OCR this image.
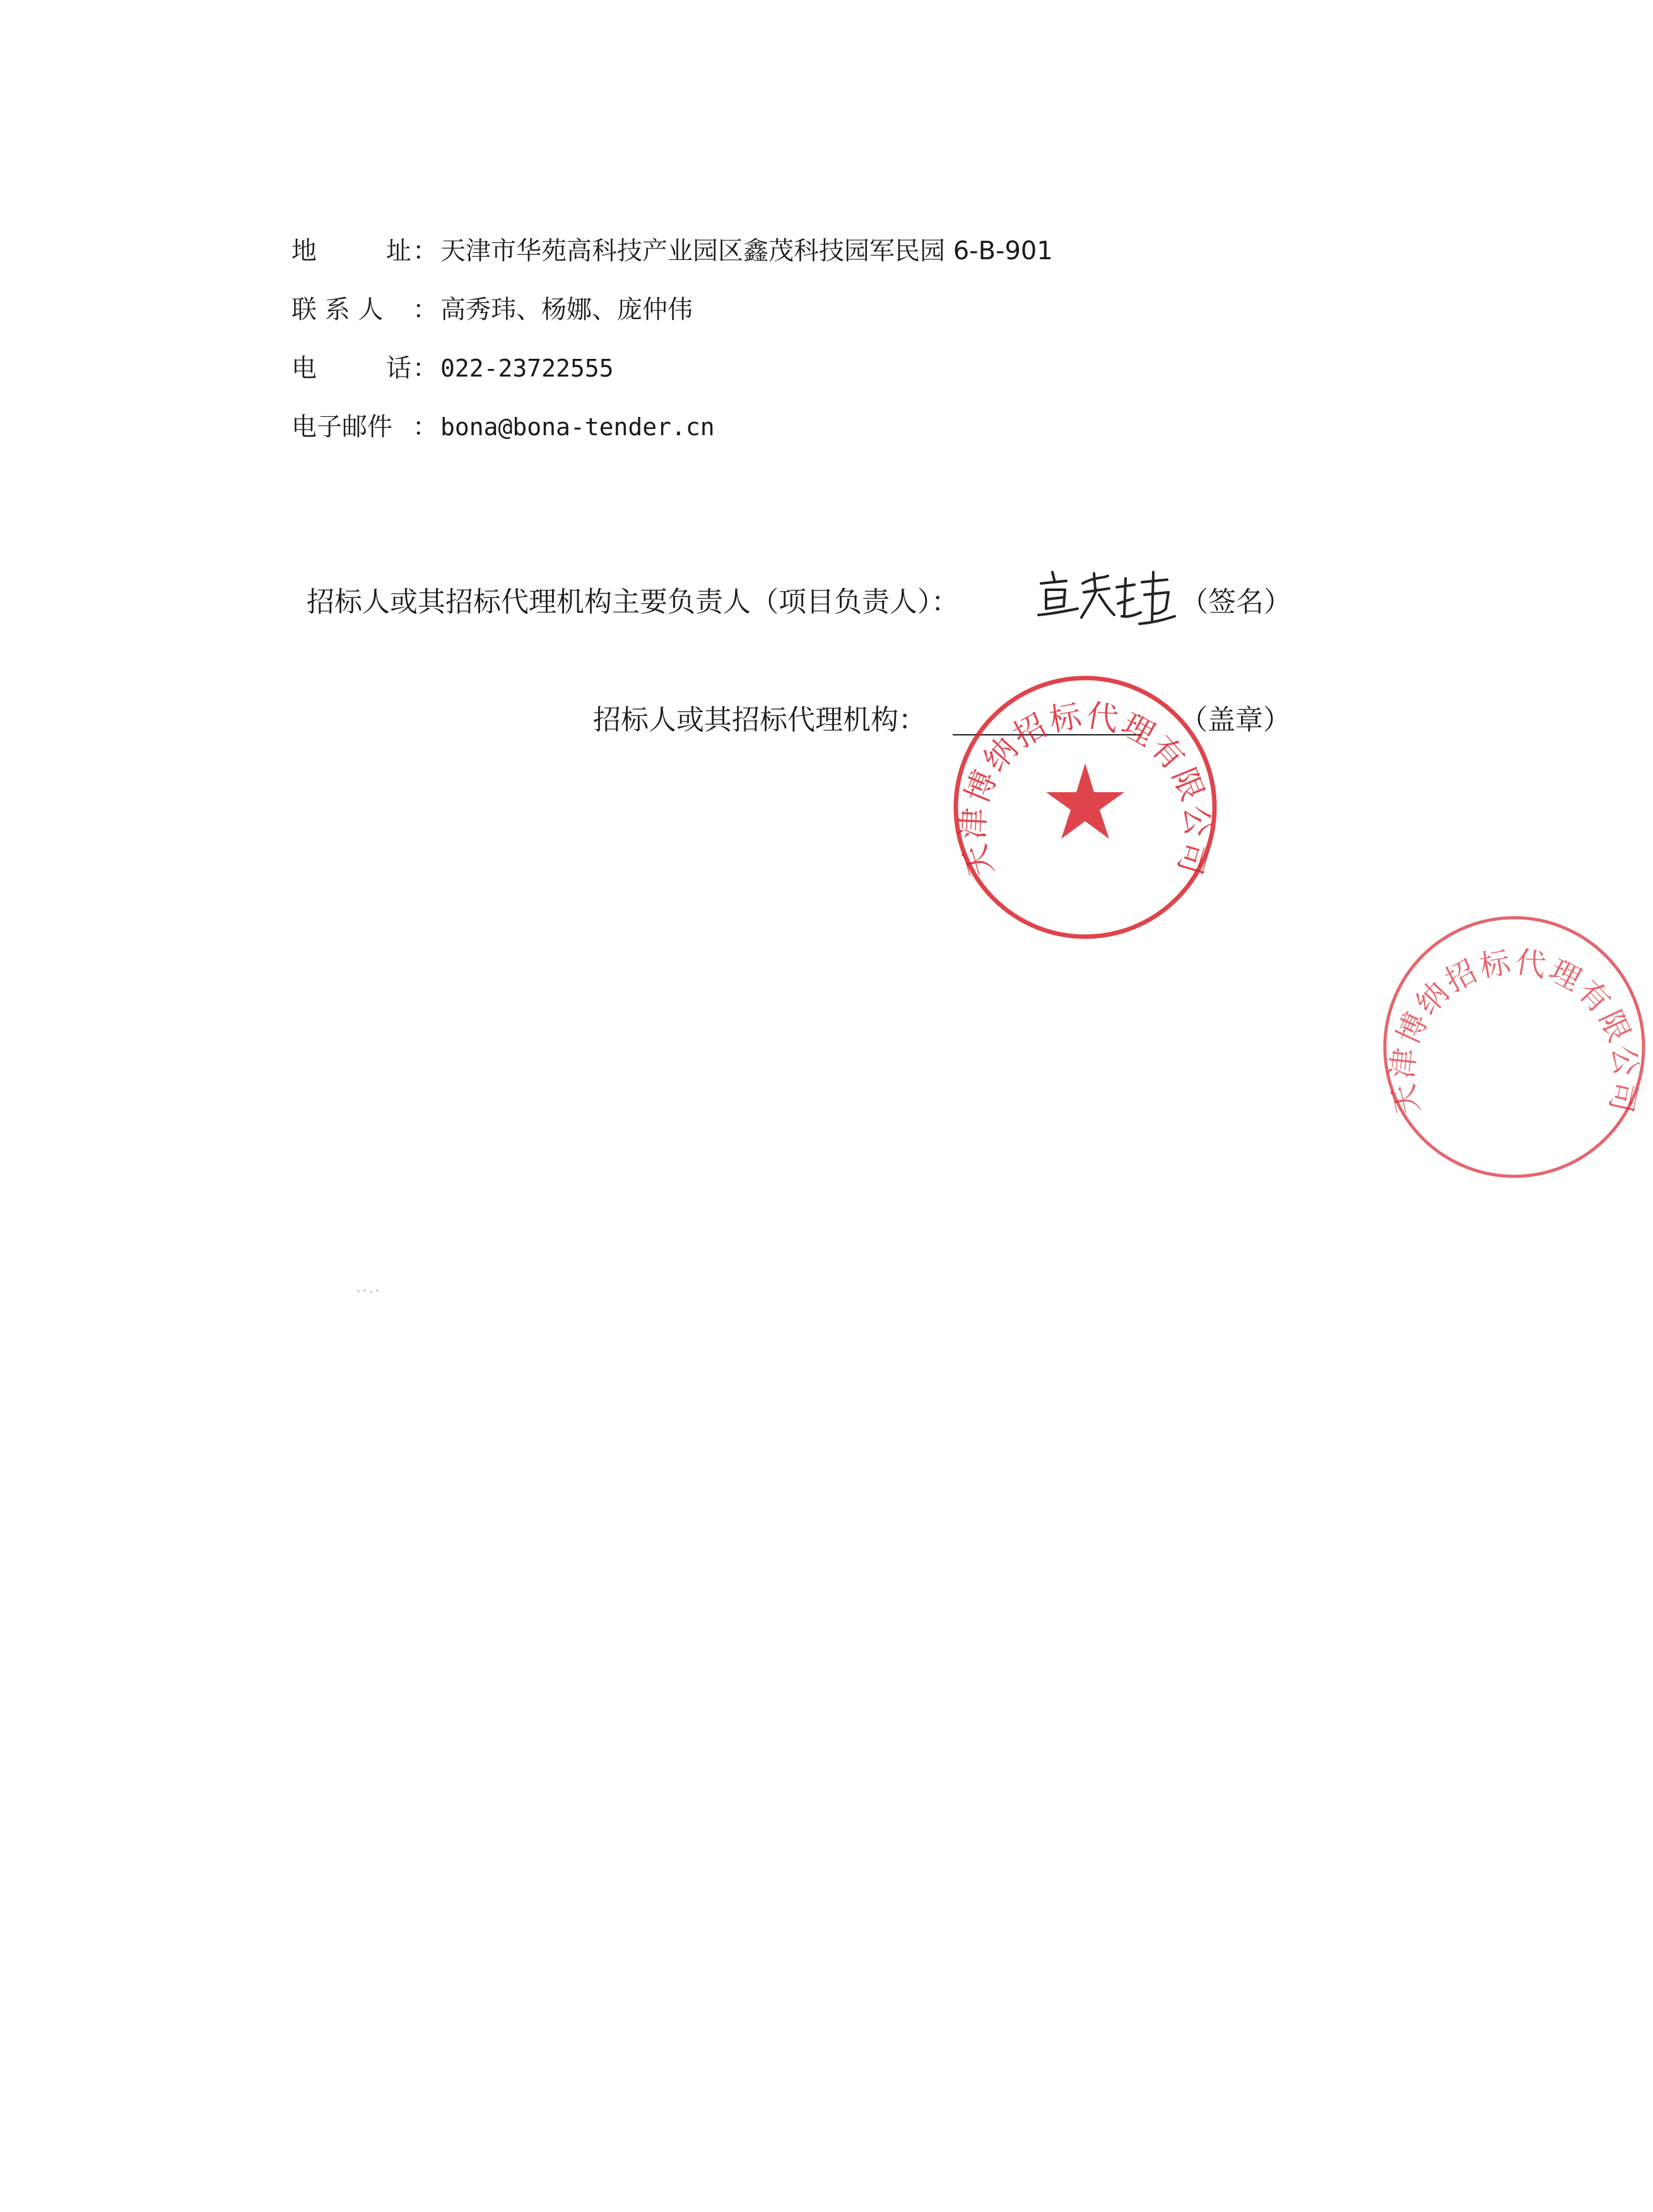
地	址 ： 天津市华苑高科技产业园区鑫茂科技园军民园 6-B-901
联 系 人	： 高秀玮、杨娜、庞仲伟
电	话 ： 022-23722555
电子邮件 ： bona@bona-tender.cn
招标人或其招标代理机构主要负责人（项目负责人）：	（签名）
招标人或其招标代理机构：	（盖章）
天津博纳招标代理有限公司
天津博纳招标代理有限公司
